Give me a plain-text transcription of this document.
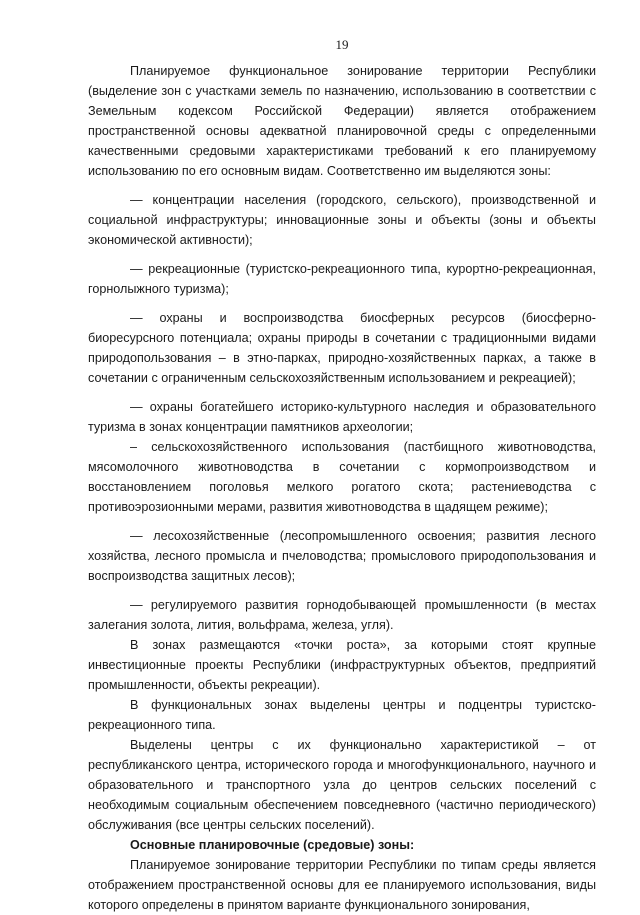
19

Планируемое функциональное зонирование территории Республики (выделение зон с участками земель по назначению, использованию в соответствии с Земельным кодексом Российской Федерации) является отображением пространственной основы адекватной планировочной среды с определенными качественными средовыми характеристиками требований к его планируемому использованию по его основным видам. Соответственно им выделяются зоны:

— концентрации населения (городского, сельского), производственной и социальной инфраструктуры; инновационные зоны и объекты (зоны и объекты экономической активности);

— рекреационные (туристско-рекреационного типа, курортно-рекреационная, горнолыжного туризма);

— охраны и воспроизводства биосферных ресурсов (биосферно-биоресурсного потенциала; охраны природы в сочетании с традиционными видами природопользования – в этно-парках, природно-хозяйственных парках, а также в сочетании с ограниченным сельскохозяйственным использованием и рекреацией);

— охраны богатейшего историко-культурного наследия и образовательного туризма в зонах концентрации памятников археологии;

– сельскохозяйственного использования (пастбищного животноводства, мясомолочного животноводства в сочетании с кормопроизводством и восстановлением поголовья мелкого рогатого скота; растениеводства с противоэрозионными мерами, развития животноводства в щадящем режиме);

— лесохозяйственные (лесопромышленного освоения; развития лесного хозяйства, лесного промысла и пчеловодства; промыслового природопользования и воспроизводства защитных лесов);

— регулируемого развития горнодобывающей промышленности (в местах залегания золота, лития, вольфрама, железа, угля).

В зонах размещаются «точки роста», за которыми стоят крупные инвестиционные проекты Республики (инфраструктурных объектов, предприятий промышленности, объекты рекреации).

В функциональных зонах выделены центры и подцентры туристско-рекреационного типа.

Выделены центры с их функционально характеристикой – от республиканского центра, исторического города и многофункционального, научного и образовательного и транспортного узла до центров сельских поселений с необходимым социальным обеспечением повседневного (частично периодического) обслуживания (все центры сельских поселений).

Основные планировочные (средовые) зоны:

Планируемое зонирование территории Республики по типам среды является отображением пространственной основы для ее планируемого использования, виды которого определены в принятом варианте функционального зонирования,
